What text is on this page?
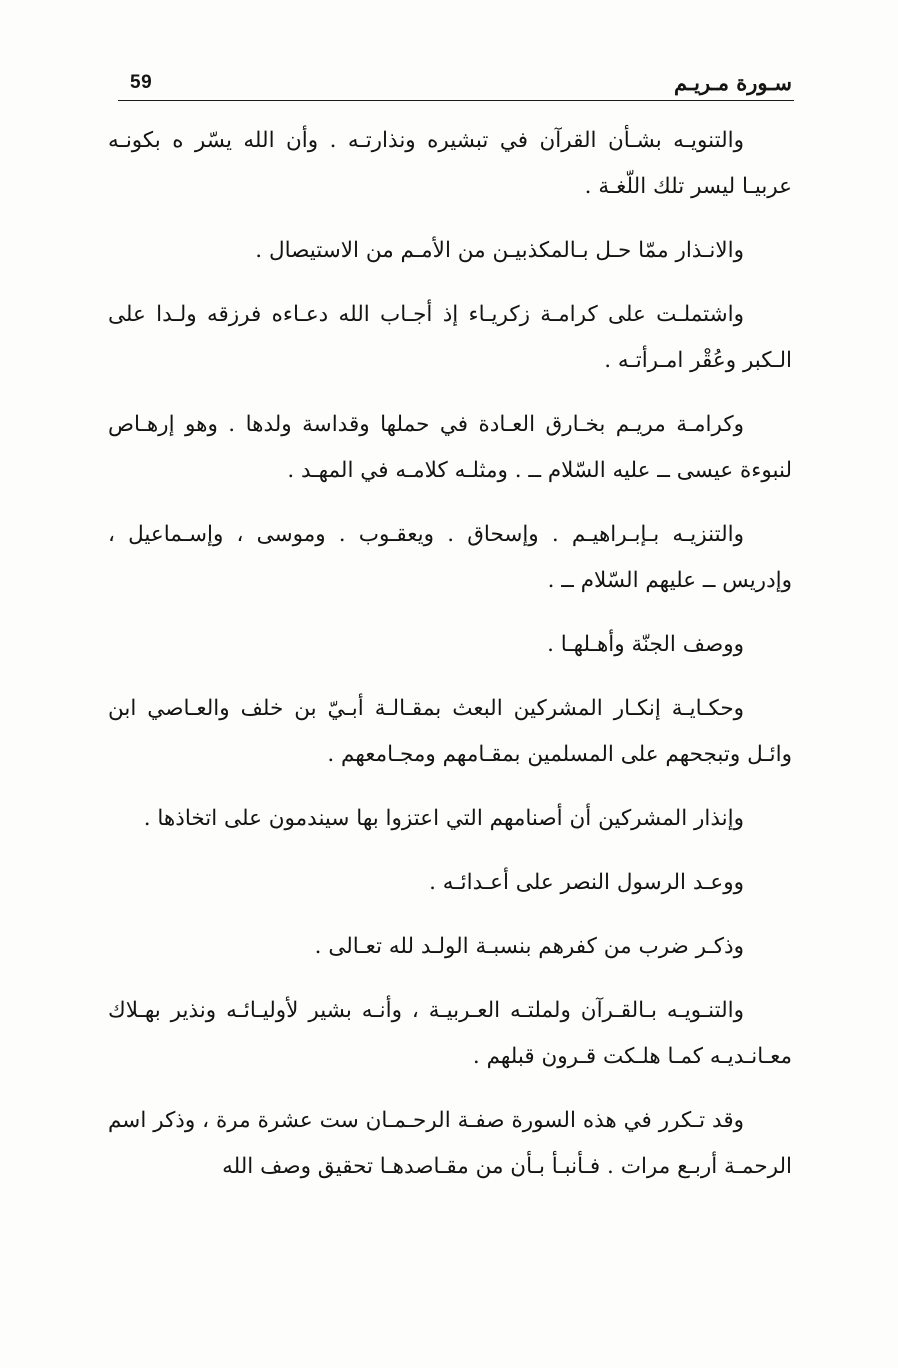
59	سـورة مـريـم

والتنويـه بشـأن القرآن في تبشيره ونذارتـه . وأن الله يسّر ه بكونـه عربيـا ليسر تلك اللّغـة .

والانـذار ممّا حـل بـالمكذبيـن من الأمـم من الاستيصال .

واشتملـت على كرامـة زكريـاء إذ أجـاب الله دعـاءه فرزقه ولـدا على الـكبر وعُقْر امـرأتـه .

وكرامـة مريـم بخـارق العـادة في حملها وقداسة ولدها . وهو إرهـاص لنبوءة عيسى ــ عليه السّلام ــ . ومثلـه كلامـه في المهـد .

والتنزيـه بـإبـراهيـم . وإسحاق . ويعقـوب . وموسى ، وإسـماعيل ، وإدريس ــ عليهم السّلام ــ .

ووصف الجنّة وأهـلهـا .

وحكـايـة إنكـار المشركين البعث بمقـالـة أبـيّ بن خلف والعـاصي ابن وائـل وتبجحهم على المسلمين بمقـامهم ومجـامعهم .

وإنذار المشركين أن أصنامهم التي اعتزوا بها سيندمون على اتخاذها .

ووعـد الرسول النصر على أعـدائـه .

وذكـر ضرب من كفرهم بنسبـة الولـد لله تعـالى .

والتنـويـه بـالقـرآن ولملتـه العـربيـة ، وأنـه بشير لأوليـائـه ونذير بهـلاك معـانـديـه كمـا هلـكت قـرون قبلهم .

وقد تـكرر في هذه السورة صفـة الرحـمـان ست عشرة مرة ، وذكر اسم الرحمـة أربـع مرات . فـأنبـأ بـأن من مقـاصدهـا تحقيق وصف الله
